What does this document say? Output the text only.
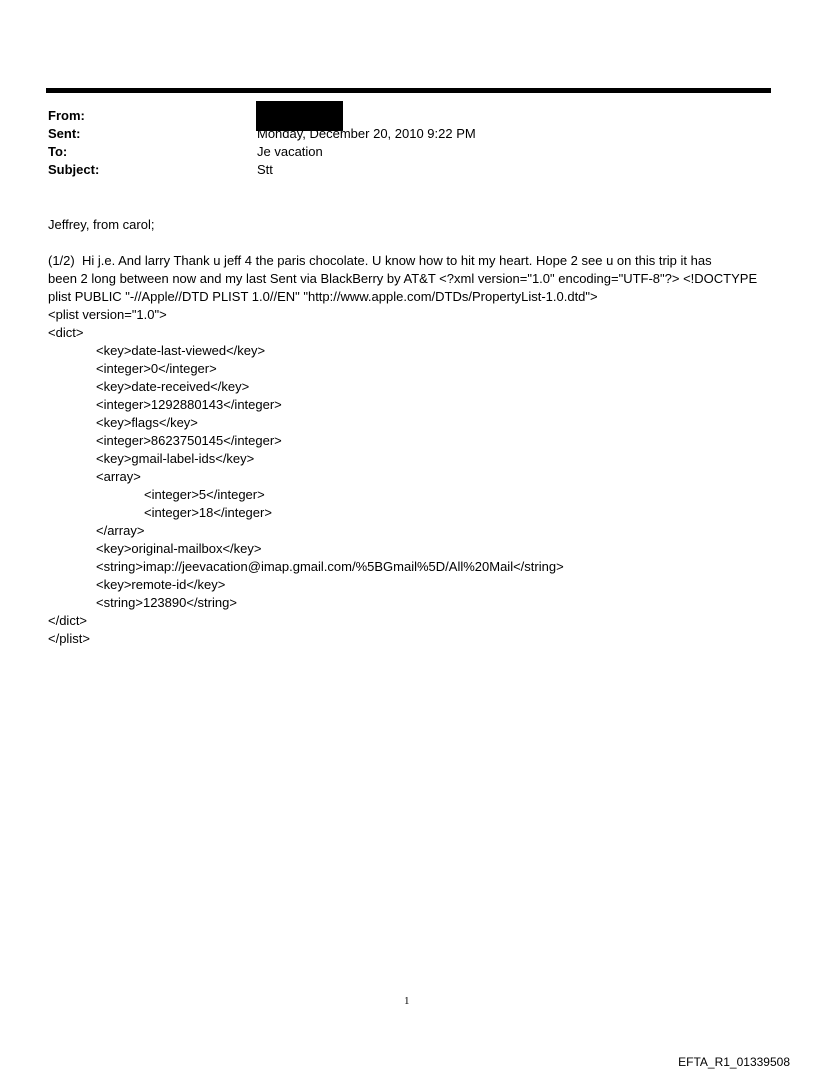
From:
Sent:	Monday, December 20, 2010 9:22 PM
To:	Je vacation
Subject:	Stt
Jeffrey, from carol;
(1/2)  Hi j.e. And larry Thank u jeff 4 the paris chocolate. U know how to hit my heart. Hope 2 see u on this trip it has
been 2 long between now and my last Sent via BlackBerry by AT&T <?xml version="1.0" encoding="UTF-8"?> <!DOCTYPE
plist PUBLIC "-//Apple//DTD PLIST 1.0//EN" "http://www.apple.com/DTDs/PropertyList-1.0.dtd">
<plist version="1.0">
<dict>
<key>date-last-viewed</key>
<integer>0</integer>
<key>date-received</key>
<integer>1292880143</integer>
<key>flags</key>
<integer>8623750145</integer>
<key>gmail-label-ids</key>
<array>
<integer>5</integer>
<integer>18</integer>
</array>
<key>original-mailbox</key>
<string>imap://jeevacation@imap.gmail.com/%5BGmail%5D/All%20Mail</string>
<key>remote-id</key>
<string>123890</string>
</dict>
</plist>
1
EFTA_R1_01339508
